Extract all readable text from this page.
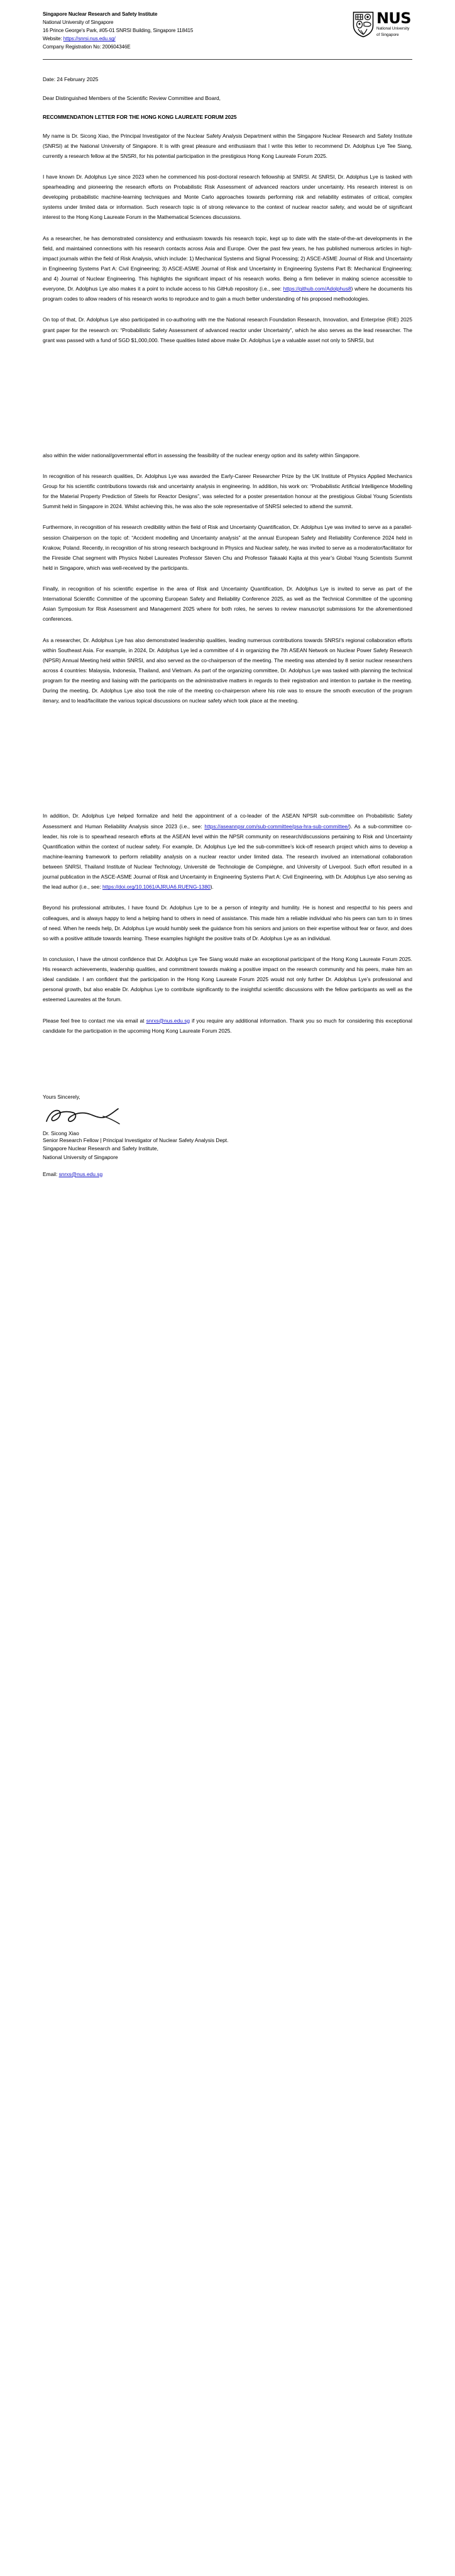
Singapore Nuclear Research and Safety Institute
National University of Singapore
16 Prince George's Park, #05-01 SNRSI Building, Singapore 118415
Website: https://snrsi.nus.edu.sg/
Company Registration No: 200604346E
NUS
National University
of Singapore
Date: 24 February 2025
Dear Distinguished Members of the Scientific Review Committee and Board,
RECOMMENDATION LETTER FOR THE HONG KONG LAUREATE FORUM 2025

My name is Dr. Sicong Xiao, the Principal Investigator of the Nuclear Safety Analysis Department within the Singapore Nuclear Research and Safety Institute (SNRSI) at the National University of Singapore. It is with great pleasure and enthusiasm that I write this letter to recommend Dr. Adolphus Lye Tee Siang, currently a research fellow at the SNSRI, for his potential participation in the prestigious Hong Kong Laureate Forum 2025.

I have known Dr. Adolphus Lye since 2023 when he commenced his post-doctoral research fellowship at SNRSI. At SNRSI, Dr. Adolphus Lye is tasked with spearheading and pioneering the research efforts on Probabilistic Risk Assessment of advanced reactors under uncertainty. His research interest is on developing probabilistic machine-learning techniques and Monte Carlo approaches towards performing risk and reliability estimates of critical, complex systems under limited data or information. Such research topic is of strong relevance to the context of nuclear reactor safety, and would be of significant interest to the Hong Kong Laureate Forum in the Mathematical Sciences discussions.

As a researcher, he has demonstrated consistency and enthusiasm towards his research topic, kept up to date with the state-of-the-art developments in the field, and maintained connections with his research contacts across Asia and Europe. Over the past few years, he has published numerous articles in high-impact journals within the field of Risk Analysis, which include: 1) Mechanical Systems and Signal Processing; 2) ASCE-ASME Journal of Risk and Uncertainty in Engineering Systems Part A: Civil Engineering; 3) ASCE-ASME Journal of Risk and Uncertainty in Engineering Systems Part B: Mechanical Engineering; and 4) Journal of Nuclear Engineering. This highlights the significant impact of his research works. Being a firm believer in making science accessible to everyone, Dr. Adolphus Lye also makes it a point to include access to his GitHub repository (i.e., see: https://github.com/Adolphus8) where he documents his program codes to allow readers of his research works to reproduce and to gain a much better understanding of his proposed methodologies.

On top of that, Dr. Adolphus Lye also participated in co-authoring with me the National research Foundation Research, Innovation, and Enterprise (RIE) 2025 grant paper for the research on: “Probabilistic Safety Assessment of advanced reactor under Uncertainty”, which he also serves as the lead researcher. The grant was passed with a fund of SGD $1,000,000. These qualities listed above make Dr. Adolphus Lye a valuable asset not only to SNRSI, but

also within the wider national/governmental effort in assessing the feasibility of the nuclear energy option and its safety within Singapore.

In recognition of his research qualities, Dr. Adolphus Lye was awarded the Early-Career Researcher Prize by the UK Institute of Physics Applied Mechanics Group for his scientific contributions towards risk and uncertainty analysis in engineering. In addition, his work on: “Probabilistic Artificial Intelligence Modelling for the Material Property Prediction of Steels for Reactor Designs”, was selected for a poster presentation honour at the prestigious Global Young Scientists Summit held in Singapore in 2024. Whilst achieving this, he was also the sole representative of SNRSI selected to attend the summit.

Furthermore, in recognition of his research credibility within the field of Risk and Uncertainty Quantification, Dr. Adolphus Lye was invited to serve as a parallel-session Chairperson on the topic of: “Accident modelling and Uncertainty analysis” at the annual European Safety and Reliability Conference 2024 held in Krakow, Poland. Recently, in recognition of his strong research background in Physics and Nuclear safety, he was invited to serve as a moderator/facilitator for the Fireside Chat segment with Physics Nobel Laureates Professor Steven Chu and Professor Takaaki Kajita at this year’s Global Young Scientists Summit held in Singapore, which was well-received by the participants.

Finally, in recognition of his scientific expertise in the area of Risk and Uncertainty Quantification, Dr. Adolphus Lye is invited to serve as part of the International Scientific Committee of the upcoming European Safety and Reliability Conference 2025, as well as the Technical Committee of the upcoming Asian Symposium for Risk Assessment and Management 2025 where for both roles, he serves to review manuscript submissions for the aforementioned conferences.

As a researcher, Dr. Adolphus Lye has also demonstrated leadership qualities, leading numerous contributions towards SNRSI’s regional collaboration efforts within Southeast Asia. For example, in 2024, Dr. Adolphus Lye led a committee of 4 in organizing the 7th ASEAN Network on Nuclear Power Safety Research (NPSR) Annual Meeting held within SNRSI, and also served as the co-chairperson of the meeting. The meeting was attended by 8 senior nuclear researchers across 4 countries: Malaysia, Indonesia, Thailand, and Vietnam. As part of the organizing committee, Dr. Adolphus Lye was tasked with planning the technical program for the meeting and liaising with the participants on the administrative matters in regards to their registration and intention to partake in the meeting. During the meeting, Dr. Adolphus Lye also took the role of the meeting co-chairperson where his role was to ensure the smooth execution of the program itenary, and to lead/facilitate the various topical discussions on nuclear safety which took place at the meeting.

In addition, Dr. Adolphus Lye helped formalize and held the appointment of a co-leader of the ASEAN NPSR sub-committee on Probabilistic Safety Assessment and Human Reliability Analysis since 2023 (i.e., see: https://aseannpsr.com/sub-committee/psa-hra-sub-committee/). As a sub-committee co-leader, his role is to spearhead research efforts at the ASEAN level within the NPSR community on research/discussions pertaining to Risk and Uncertainty Quantification within the context of nuclear safety. For example, Dr. Adolphus Lye led the sub-committee’s kick-off research project which aims to develop a machine-learning framework to perform reliability analysis on a nuclear reactor under limited data. The research involved an international collaboration between SNRSI, Thailand Institute of Nuclear Technology, Université de Technologie de Compiègne, and University of Liverpool. Such effort resulted in a journal publication in the ASCE-ASME Journal of Risk and Uncertainty in Engineering Systems Part A: Civil Engineering, with Dr. Adolphus Lye also serving as the lead author (i.e., see: https://doi.org/10.1061/AJRUA6.RUENG-1380).

Beyond his professional attributes, I have found Dr. Adolphus Lye to be a person of integrity and humility. He is honest and respectful to his peers and colleagues, and is always happy to lend a helping hand to others in need of assistance. This made him a reliable individual who his peers can turn to in times of need. When he needs help, Dr. Adolphus Lye would humbly seek the guidance from his seniors and juniors on their expertise without fear or favor, and does so with a positive attitude towards learning. These examples highlight the positive traits of Dr. Adolphus Lye as an individual.

In conclusion, I have the utmost confidence that Dr. Adolphus Lye Tee Siang would make an exceptional participant of the Hong Kong Laureate Forum 2025. His research achievements, leadership qualities, and commitment towards making a positive impact on the research community and his peers, make him an ideal candidate. I am confident that the participation in the Hong Kong Laureate Forum 2025 would not only further Dr. Adolphus Lye’s professional and personal growth, but also enable Dr. Adolphus Lye to contribute significantly to the insightful scientific discussions with the fellow participants as well as the esteemed Laureates at the forum.

Please feel free to contact me via email at snrxs@nus.edu.sg if you require any additional information. Thank you so much for considering this exceptional candidate for the participation in the upcoming Hong Kong Laureate Forum 2025.

Yours Sincerely,
Dr. Sicong Xiao
Senior Research Fellow | Principal Investigator of Nuclear Safety Analysis Dept.
Singapore Nuclear Research and Safety Institute,
National University of Singapore
Email: snrxs@nus.edu.sg
